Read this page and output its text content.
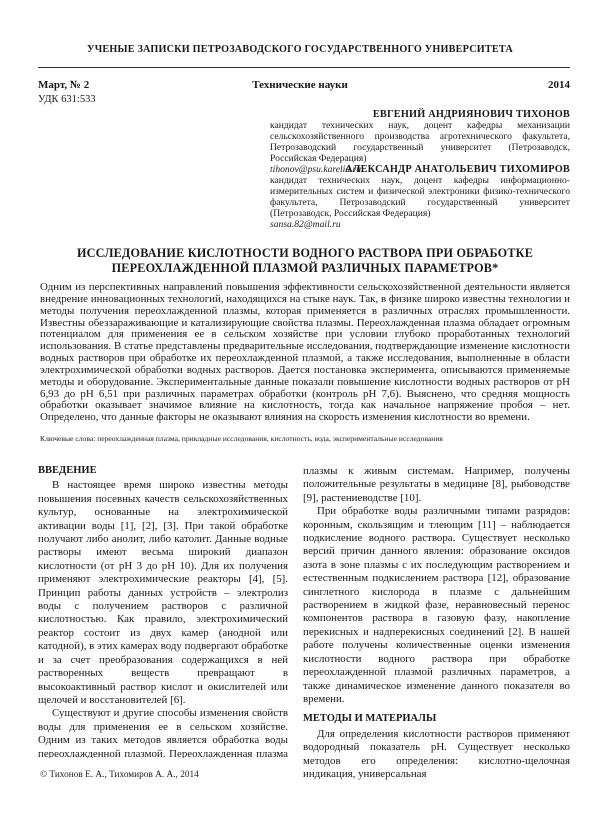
УЧЕНЫЕ ЗАПИСКИ ПЕТРОЗАВОДСКОГО ГОСУДАРСТВЕННОГО УНИВЕРСИТЕТА
Март, № 2	Технические науки	2014
УДК 631:533
ЕВГЕНИЙ АНДРИЯНОВИЧ ТИХОНОВ
кандидат технических наук, доцент кафедры механизации сельскохозяйственного производства агротехнического факультета, Петрозаводский государственный университет (Петрозаводск, Российская Федерация)
tihonov@psu.karelia.ru
АЛЕКСАНДР АНАТОЛЬЕВИЧ ТИХОМИРОВ
кандидат технических наук, доцент кафедры информационно-измерительных систем и физической электроники физико-технического факультета, Петрозаводский государственный университет (Петрозаводск, Российская Федерация)
sansa.82@mail.ru
ИССЛЕДОВАНИЕ КИСЛОТНОСТИ ВОДНОГО РАСТВОРА ПРИ ОБРАБОТКЕ
ПЕРЕОХЛАЖДЕННОЙ ПЛАЗМОЙ РАЗЛИЧНЫХ ПАРАМЕТРОВ*
Одним из перспективных направлений повышения эффективности сельскохозяйственной деятельности является внедрение инновационных технологий, находящихся на стыке наук. Так, в физике широко известны технологии и методы получения переохлажденной плазмы, которая применяется в различных отраслях промышленности. Известны обеззараживающие и катализирующие свойства плазмы. Переохлажденная плазма обладает огромным потенциалом для применения ее в сельском хозяйстве при условии глубоко проработанных технологий использования. В статье представлены предварительные исследования, подтверждающие изменение кислотности водных растворов при обработке их переохлажденной плазмой, а также исследования, выполненные в области электрохимической обработки водных растворов. Дается постановка эксперимента, описываются применяемые методы и оборудование. Экспериментальные данные показали повышение кислотности водных растворов от pH 6,93 до pH 6,51 при различных параметрах обработки (контроль pH 7,6). Выяснено, что средняя мощность обработки оказывает значимое влияние на кислотность, тогда как начальное напряжение пробоя – нет. Определено, что данные факторы не оказывают влияния на скорость изменения кислотности во времени.
Ключевые слова: переохлажденная плазма, прикладные исследования, кислотность, вода, экспериментальные исследования
ВВЕДЕНИЕ

В настоящее время широко известны методы повышения посевных качеств сельскохозяйственных культур, основанные на электрохимической активации воды [1], [2], [3]. При такой обработке получают либо анолит, либо католит. Данные водные растворы имеют весьма широкий диапазон кислотности (от pH 3 до pH 10). Для их получения применяют электрохимические реакторы [4], [5]. Принцип работы данных устройств – электролиз воды с получением растворов с различной кислотностью. Как правило, электрохимический реактор состоит из двух камер (анодной или катодной), в этих камерах воду подвергают обработке и за счет преобразования содержащихся в ней растворенных веществ превращают в высокоактивный раствор кислот и окислителей или щелочей и восстановителей [6].

Существуют и другие способы изменения свойств воды для применения ее в сельском хозяйстве. Одним из таких методов является обработка воды переохлажденной плазмой. Переохлажденная плазма

плазмы к живым системам. Например, получены положительные результаты в медицине [8], рыбоводстве [9], растениеводстве [10].

При обработке воды различными типами разрядов: коронным, скользящим и тлеющим [11] – наблюдается подкисление водного раствора. Существует несколько версий причин данного явления: образование оксидов азота в зоне плазмы с их последующим растворением и естественным подкислением раствора [12], образование синглетного кислорода в плазме с дальнейшим растворением в жидкой фазе, неравновесный перенос компонентов раствора в газовую фазу, накопление перекисных и надперекисных соединений [2]. В нашей работе получены количественные оценки изменения кислотности водного раствора при обработке переохлажденной плазмой различных параметров, а также динамическое изменение данного показателя во времени.

МЕТОДЫ И МАТЕРИАЛЫ

Для определения кислотности растворов применяют водородный показатель pH. Существует несколько методов его определения: кислотно-щелочная индикация, универсальная

© Тихонов Е. А., Тихомиров А. А., 2014
